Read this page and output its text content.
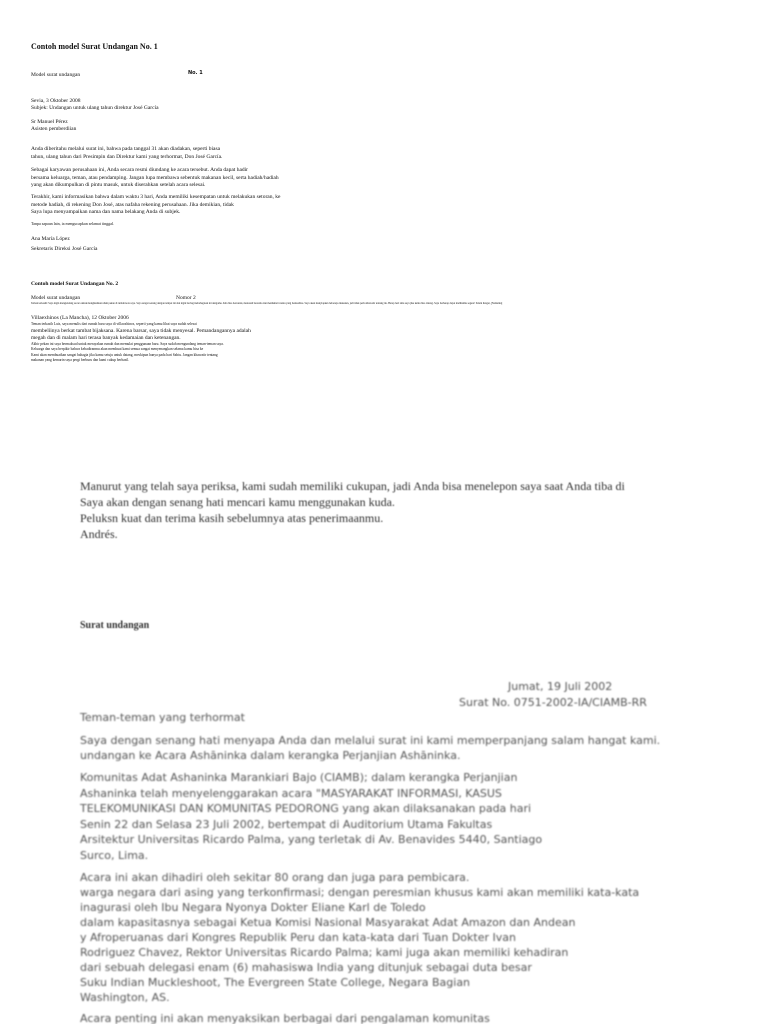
Contoh model Surat Undangan No. 1
Model surat undangan	No. 1
Sevia, 3 Oktober 2008
Subjek: Undangan untuk ulang tahun direktur José García
Sr Manuel Pérez
Asisten pemberdiian
Anda diberitahu melalui surat ini, bahwa pada tanggal 31 akan diadakan, seperti biasa
tahun, ulang tahun dari Presimpin dan Direktur kami yang terhormat, Don José García.
Sebagai karyawan perusahaan ini, Anda secara resmi diundang ke acara tersebut. Anda dapat hadir
bersama keluarga, teman, atau pendamping. Jangan lupa membawa sebentuk makanan kecil, serta hadiah/hadiah
yang akan dikumpulkan di pintu masuk, untuk diserahkan setelah acara selesai.
Terakhir, kami informasikan bahwa dalam waktu 3 hari, Anda memiliki kesempatan untuk melakukan setoran, ke
metode hadiah, di rekening Don José, atas nafaha rekening perusahaan. Jika demikian, tidak
Saya lupa menyampaikan nama dan nama belakang Anda di subjek.
Tanpa sapaan lain, ia mengucapkan selamat tinggal.
Ana María López
Sekretaris Direksi José García
Contoh model Surat Undangan No. 2
Model surat undangan	Nomor 2
Teman terkasih: Saya ingin mengundang secara untuk mengikutikan ulkin pekan di rumah kota saya. Saya sangat senang dengan tempat ini dan ingin berbagi kebahagiaan ini dengamu. Kita bisa bersantai, menonah bersama dan menikmati waktu yang berkualitas. Saya akan menyiapkan beberapa makanan, jadi tidak perlu khawatir tentang itu. Harap beri tahu saya jika kamu bisa datang. Saya berharap dapat melihatmu segera! Salam hangat, [Namamu]
Villaexhinos (La Mancha), 12 Oktober 2006
Teman terkasih Luis, saya menulis dari rumah baru saya di villaoxhinos, seperti yang kamu lihat saya sudah selesai
membeliinya berkat tambat bijaksana. Karena barsar, saya tidak menyesal. Pemandangannya adalah
megah dan di malam hari terasa banyak kedamaian dan ketenangan.
Akhir pekan ini saya bermaksud untuk merayakan rumah dan memulai penggunaan baru. Saya sudah mengundang teman-teman saya.
Keluarga dan saya berpikir bahwa kehadiranmu akan membuat kami semua sangat menyenangkan selama kamu bisa ke
Kami akan membuatkan sangat bahagia jika kamu setuju untuk datang, meskipun hanya pada hari Sabtu. Jangan khawatir tentang
makanan yang kemarin saya pergi berburu dan kami cukup berhasil.
Manurut yang telah saya periksa, kami sudah memiliki cukupan, jadi Anda bisa menelepon saya saat Anda tiba di
Saya akan dengan senang hati mencari kamu menggunakan kuda.
Peluksn kuat dan terima kasih sebelumnya atas penerimaanmu.
Andrés.
Surat undangan
Jumat, 19 Juli 2002
Surat No. 0751-2002-IA/CIAMB-RR
Teman-teman yang terhormat
Saya dengan senang hati menyapa Anda dan melalui surat ini kami memperpanjang salam hangat kami.
undangan ke Acara Ashāninka dalam kerangka Perjanjian Ashāninka.
Komunitas Adat Ashaninka Marankiari Bajo (CIAMB); dalam kerangka Perjanjian
Ashaninka telah menyelenggarakan acara "MASYARAKAT INFORMASI, KASUS
TELEKOMUNIKASI DAN KOMUNITAS PEDORONG yang akan dilaksanakan pada hari
Senin 22 dan Selasa 23 Juli 2002, bertempat di Auditorium Utama Fakultas
Arsitektur Universitas Ricardo Palma, yang terletak di Av. Benavides 5440, Santiago
Surco, Lima.
Acara ini akan dihadiri oleh sekitar 80 orang dan juga para pembicara.
warga negara dari asing yang terkonfirmasi; dengan peresmian khusus kami akan memiliki kata-kata
inagurasi oleh Ibu Negara Nyonya Dokter Eliane Karl de Toledo
dalam kapasitasnya sebagai Ketua Komisi Nasional Masyarakat Adat Amazon dan Andean
y Afroperuanas dari Kongres Republik Peru dan kata-kata dari Tuan Dokter Ivan
Rodriguez Chavez, Rektor Universitas Ricardo Palma; kami juga akan memiliki kehadiran
dari sebuah delegasi enam (6) mahasiswa India yang ditunjuk sebagai duta besar
Suku Indian Muckleshoot, The Evergreen State College, Negara Bagian
Washington, AS.
Acara penting ini akan menyaksikan berbagai dari pengalaman komunitas
